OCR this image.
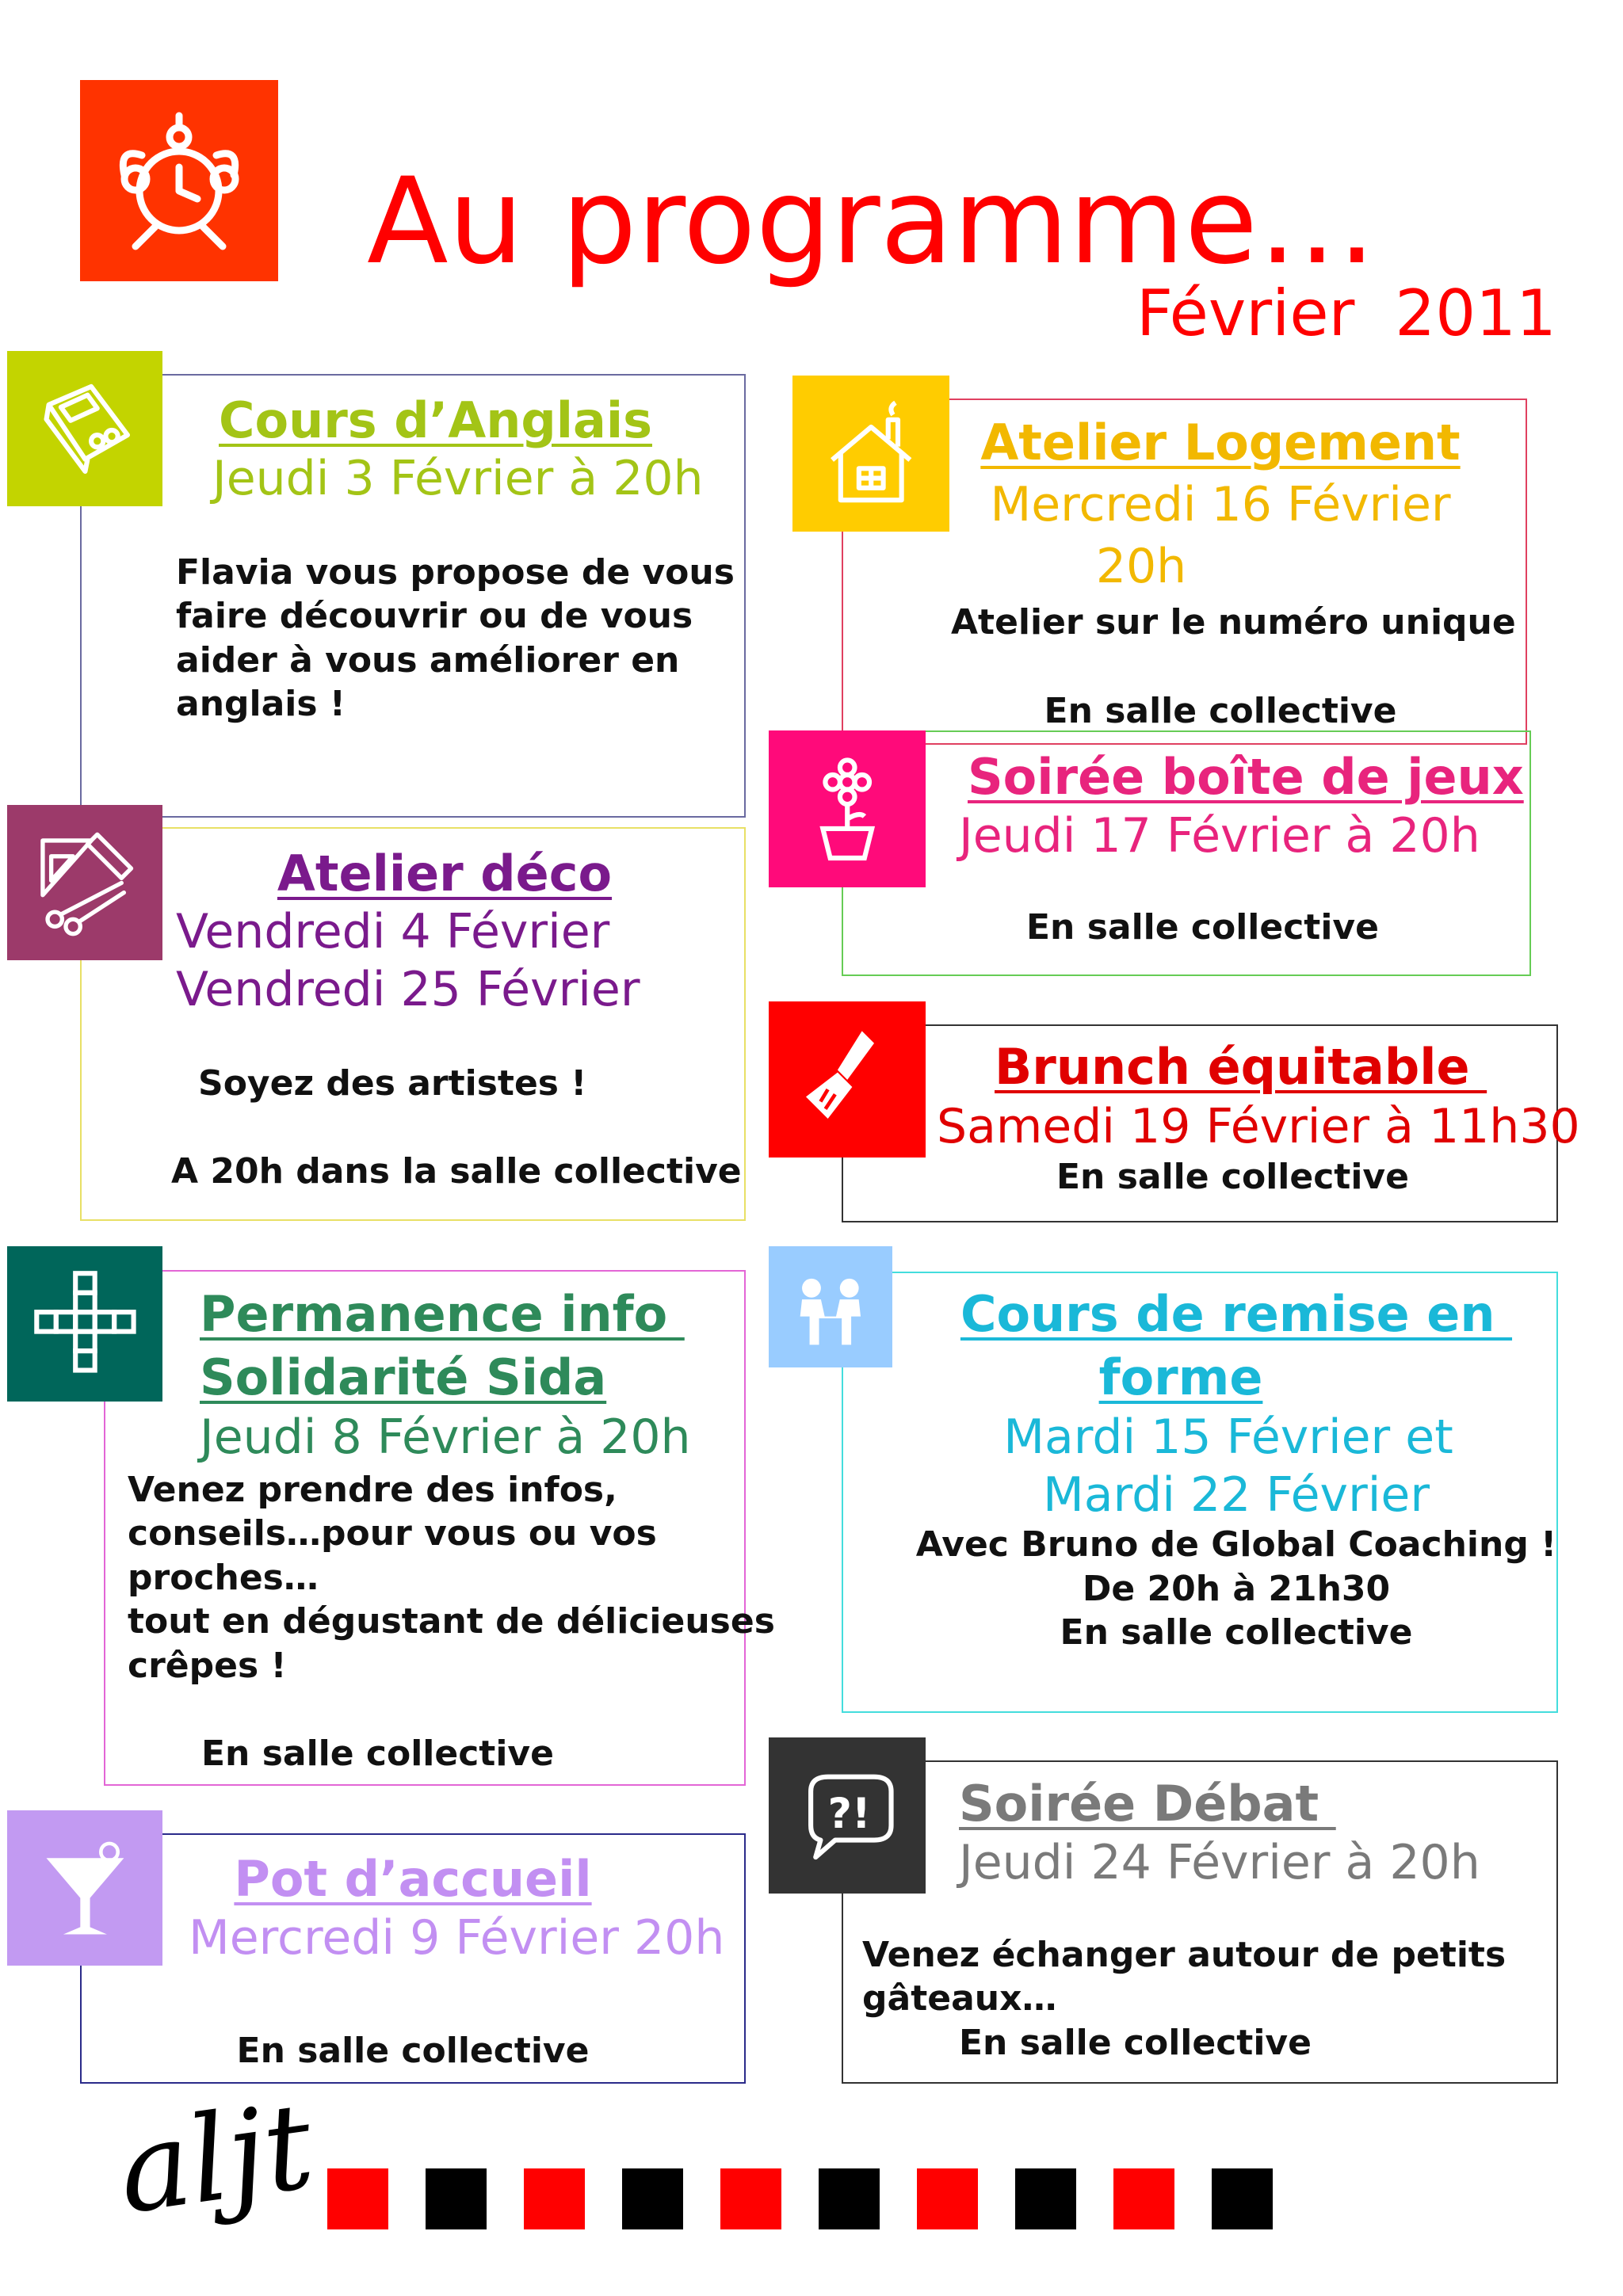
Au programme…
Février  2011
Cours d’Anglais
Jeudi 3 Février à 20h
Flavia vous propose de vous
faire découvrir ou de vous
aider à vous améliorer en
anglais !
Atelier déco
Vendredi 4 Février
Vendredi 25 Février
Soyez des artistes !
A 20h dans la salle collective
Permanence info
Solidarité Sida
Jeudi 8 Février à 20h
Venez prendre des infos,
conseils…pour vous ou vos
proches…
tout en dégustant de délicieuses
crêpes !
En salle collective
Pot d’accueil
Mercredi 9 Février 20h
En salle collective
Atelier Logement
Mercredi 16 Février
20h
Atelier sur le numéro unique
En salle collective
Soirée boîte de jeux
Jeudi 17 Février à 20h
En salle collective
Brunch équitable
Samedi 19 Février à 11h30
En salle collective
Cours de remise en
forme
Mardi 15 Février et
Mardi 22 Février
Avec Bruno de Global Coaching !
De 20h à 21h30
En salle collective
?! Soirée Débat
Jeudi 24 Février à 20h
Venez échanger autour de petits
gâteaux…
En salle collective
aljt
